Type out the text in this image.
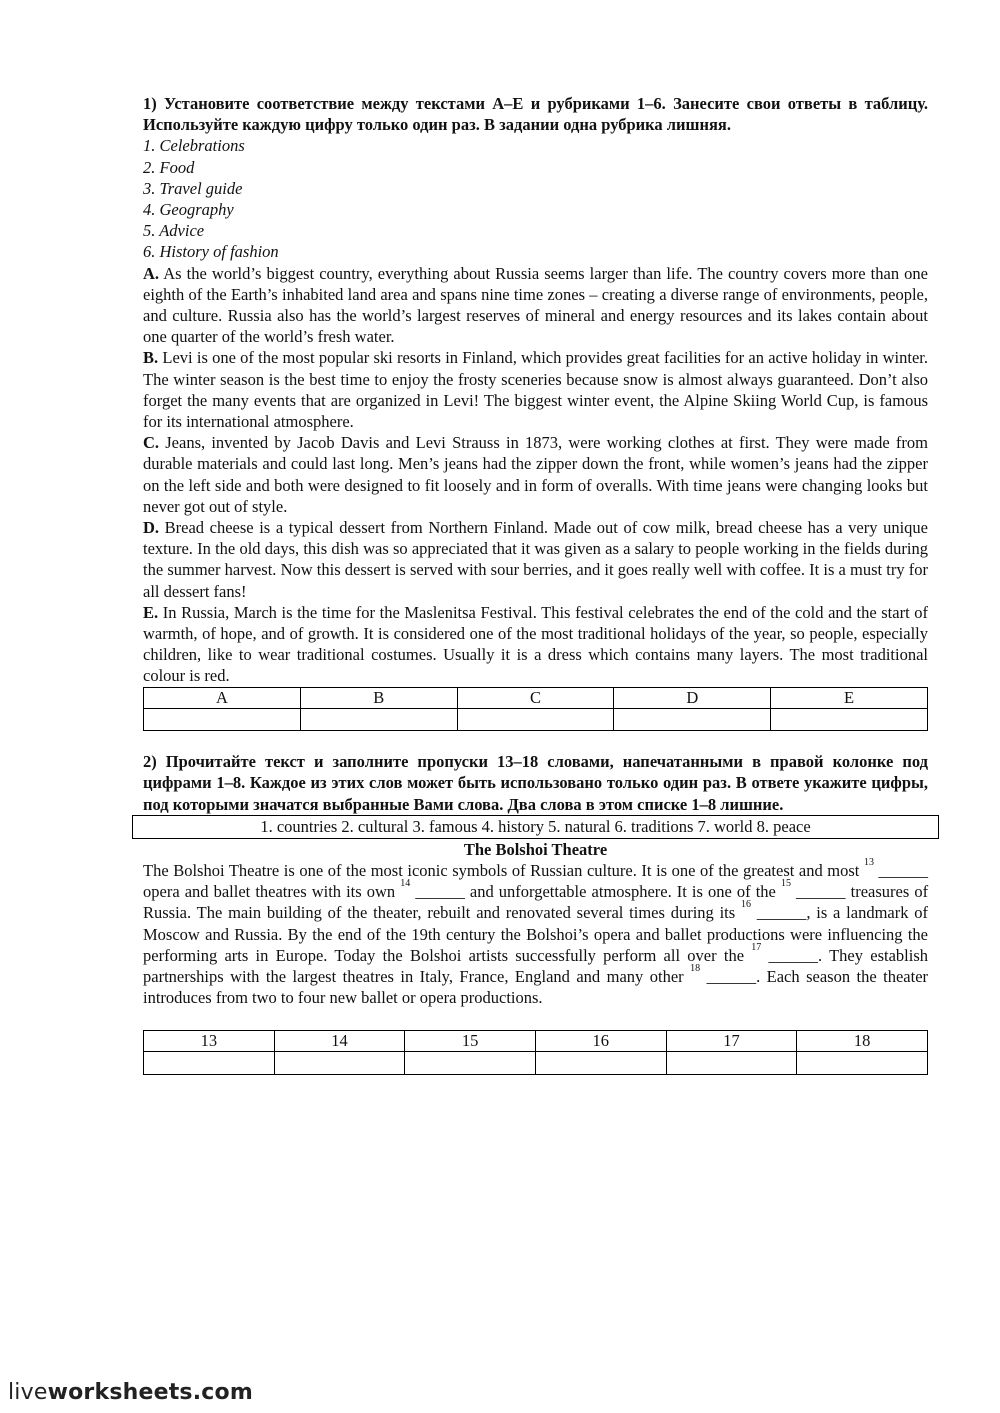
1) Установите соответствие между текстами A–E и рубриками 1–6. Занесите свои ответы в таблицу. Используйте каждую цифру только один раз. В задании одна рубрика лишняя.

1. Celebrations

2. Food

3. Travel guide

4. Geography

5. Advice

6. History of fashion

A. As the world’s biggest country, everything about Russia seems larger than life. The country covers more than one eighth of the Earth’s inhabited land area and spans nine time zones – creating a diverse range of environments, people, and culture. Russia also has the world’s largest reserves of mineral and energy resources and its lakes contain about one quarter of the world’s fresh water.

B. Levi is one of the most popular ski resorts in Finland, which provides great facilities for an active holiday in winter. The winter season is the best time to enjoy the frosty sceneries because snow is almost always guaranteed. Don’t also forget the many events that are organized in Levi! The biggest winter event, the Alpine Skiing World Cup, is famous for its international atmosphere.

C. Jeans, invented by Jacob Davis and Levi Strauss in 1873, were working clothes at first. They were made from durable materials and could last long. Men’s jeans had the zipper down the front, while women’s jeans had the zipper on the left side and both were designed to fit loosely and in form of overalls. With time jeans were changing looks but never got out of style.

D. Bread cheese is a typical dessert from Northern Finland. Made out of cow milk, bread cheese has a very unique texture. In the old days, this dish was so appreciated that it was given as a salary to people working in the fields during the summer harvest. Now this dessert is served with sour berries, and it goes really well with coffee. It is a must try for all dessert fans!

E. In Russia, March is the time for the Maslenitsa Festival. This festival celebrates the end of the cold and the start of warmth, of hope, and of growth. It is considered one of the most traditional holidays of the year, so people, especially children, like to wear traditional costumes. Usually it is a dress which contains many layers. The most traditional colour is red.

A	B	C	D	E

2) Прочитайте текст и заполните пропуски 13–18 словами, напечатанными в правой колонке под цифрами 1–8. Каждое из этих слов может быть использовано только один раз. В ответе укажите цифры, под которыми значатся выбранные Вами слова. Два слова в этом списке 1–8 лишние.

1. countries 2. cultural 3. famous 4. history 5. natural 6. traditions 7. world 8. peace

The Bolshoi Theatre

The Bolshoi Theatre is one of the most iconic symbols of Russian culture. It is one of the greatest and most $^{13}$ ______ opera and ballet theatres with its own $^{14}$ ______ and unforgettable atmosphere. It is one of the $^{15}$ ______ treasures of Russia. The main building of the theater, rebuilt and renovated several times during its $^{16}$ ______, is a landmark of Moscow and Russia. By the end of the 19th century the Bolshoi’s opera and ballet productions were influencing the performing arts in Europe. Today the Bolshoi artists successfully perform all over the $^{17}$ ______. They establish partnerships with the largest theatres in Italy, France, England and many other $^{18}$ ______. Each season the theater introduces from two to four new ballet or opera productions.

13	14	15	16	17	18

liveworksheets.com
